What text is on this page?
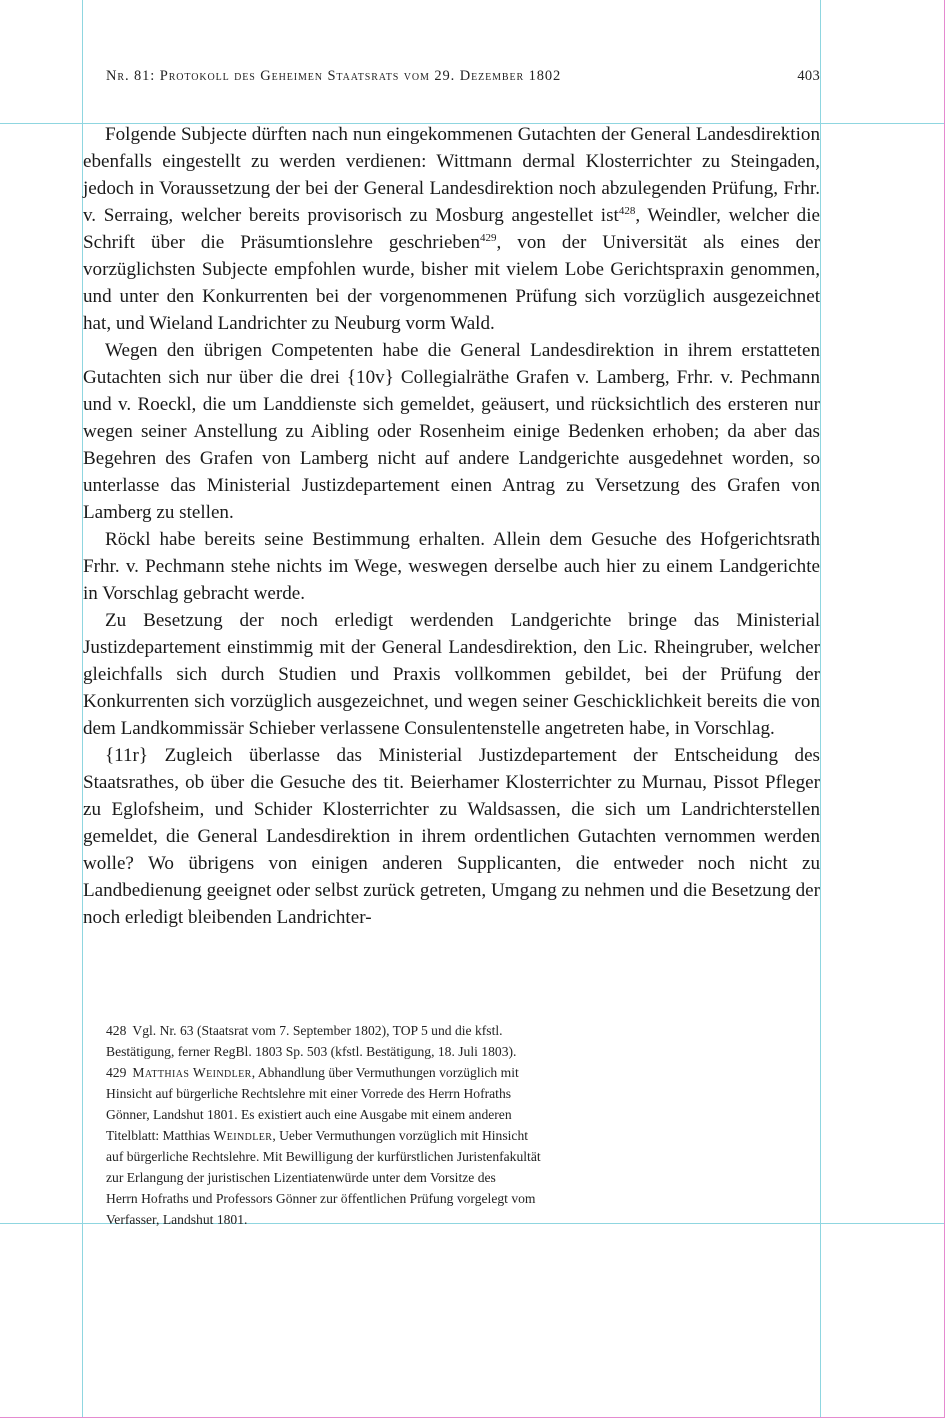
Nr. 81: Protokoll des Geheimen Staatsrats vom 29. Dezember 1802	403

Folgende Subjecte dürften nach nun eingekommenen Gutachten der General Landesdirektion ebenfalls eingestellt zu werden verdienen: Wittmann dermal Klosterrichter zu Steingaden, jedoch in Voraussetzung der bei der General Landesdirektion noch abzulegenden Prüfung, Frhr. v. Serraing, welcher bereits provisorisch zu Mosburg angestellet ist$^{428}$, Weindler, welcher die Schrift über die Präsumtionslehre geschrieben$^{429}$, von der Universität als eines der vorzüglichsten Subjecte empfohlen wurde, bisher mit vielem Lobe Gerichtspraxin genommen, und unter den Konkurrenten bei der vorgenommenen Prüfung sich vorzüglich ausgezeichnet hat, und Wieland Landrichter zu Neuburg vorm Wald.

Wegen den übrigen Competenten habe die General Landesdirektion in ihrem erstatteten Gutachten sich nur über die drei {10v} Collegialräthe Grafen v. Lamberg, Frhr. v. Pechmann und v. Roeckl, die um Landdienste sich gemeldet, geäusert, und rücksichtlich des ersteren nur wegen seiner Anstellung zu Aibling oder Rosenheim einige Bedenken erhoben; da aber das Begehren des Grafen von Lamberg nicht auf andere Landgerichte ausgedehnet worden, so unterlasse das Ministerial Justizdepartement einen Antrag zu Versetzung des Grafen von Lamberg zu stellen.

Röckl habe bereits seine Bestimmung erhalten. Allein dem Gesuche des Hofgerichtsrath Frhr. v. Pechmann stehe nichts im Wege, weswegen derselbe auch hier zu einem Landgerichte in Vorschlag gebracht werde.

Zu Besetzung der noch erledigt werdenden Landgerichte bringe das Ministerial Justizdepartement einstimmig mit der General Landesdirektion, den Lic. Rheingruber, welcher gleichfalls sich durch Studien und Praxis vollkommen gebildet, bei der Prüfung der Konkurrenten sich vorzüglich ausgezeichnet, und wegen seiner Geschicklichkeit bereits die von dem Landkommissär Schieber verlassene Consulentenstelle angetreten habe, in Vorschlag.

{11r} Zugleich überlasse das Ministerial Justizdepartement der Entscheidung des Staatsrathes, ob über die Gesuche des tit. Beierhamer Klosterrichter zu Murnau, Pissot Pfleger zu Eglofsheim, und Schider Klosterrichter zu Waldsassen, die sich um Landrichterstellen gemeldet, die General Landesdirektion in ihrem ordentlichen Gutachten vernommen werden wolle? Wo übrigens von einigen anderen Supplicanten, die entweder noch nicht zu Landbedienung geeignet oder selbst zurück getreten, Umgang zu nehmen und die Besetzung der noch erledigt bleibenden Landrichter-

428 Vgl. Nr. 63 (Staatsrat vom 7. September 1802), TOP 5 und die kfstl.
Bestätigung, ferner RegBl. 1803 Sp. 503 (kfstl. Bestätigung, 18. Juli 1803).
429 Matthias Weindler, Abhandlung über Vermuthungen vorzüglich mit
Hinsicht auf bürgerliche Rechtslehre mit einer Vorrede des Herrn Hofraths
Gönner, Landshut 1801. Es existiert auch eine Ausgabe mit einem anderen
Titelblatt: Matthias Weindler, Ueber Vermuthungen vorzüglich mit Hinsicht
auf bürgerliche Rechtslehre. Mit Bewilligung der kurfürstlichen Juristenfakultät
zur Erlangung der juristischen Lizentiatenwürde unter dem Vorsitze des
Herrn Hofraths und Professors Gönner zur öffentlichen Prüfung vorgelegt vom
Verfasser, Landshut 1801.
